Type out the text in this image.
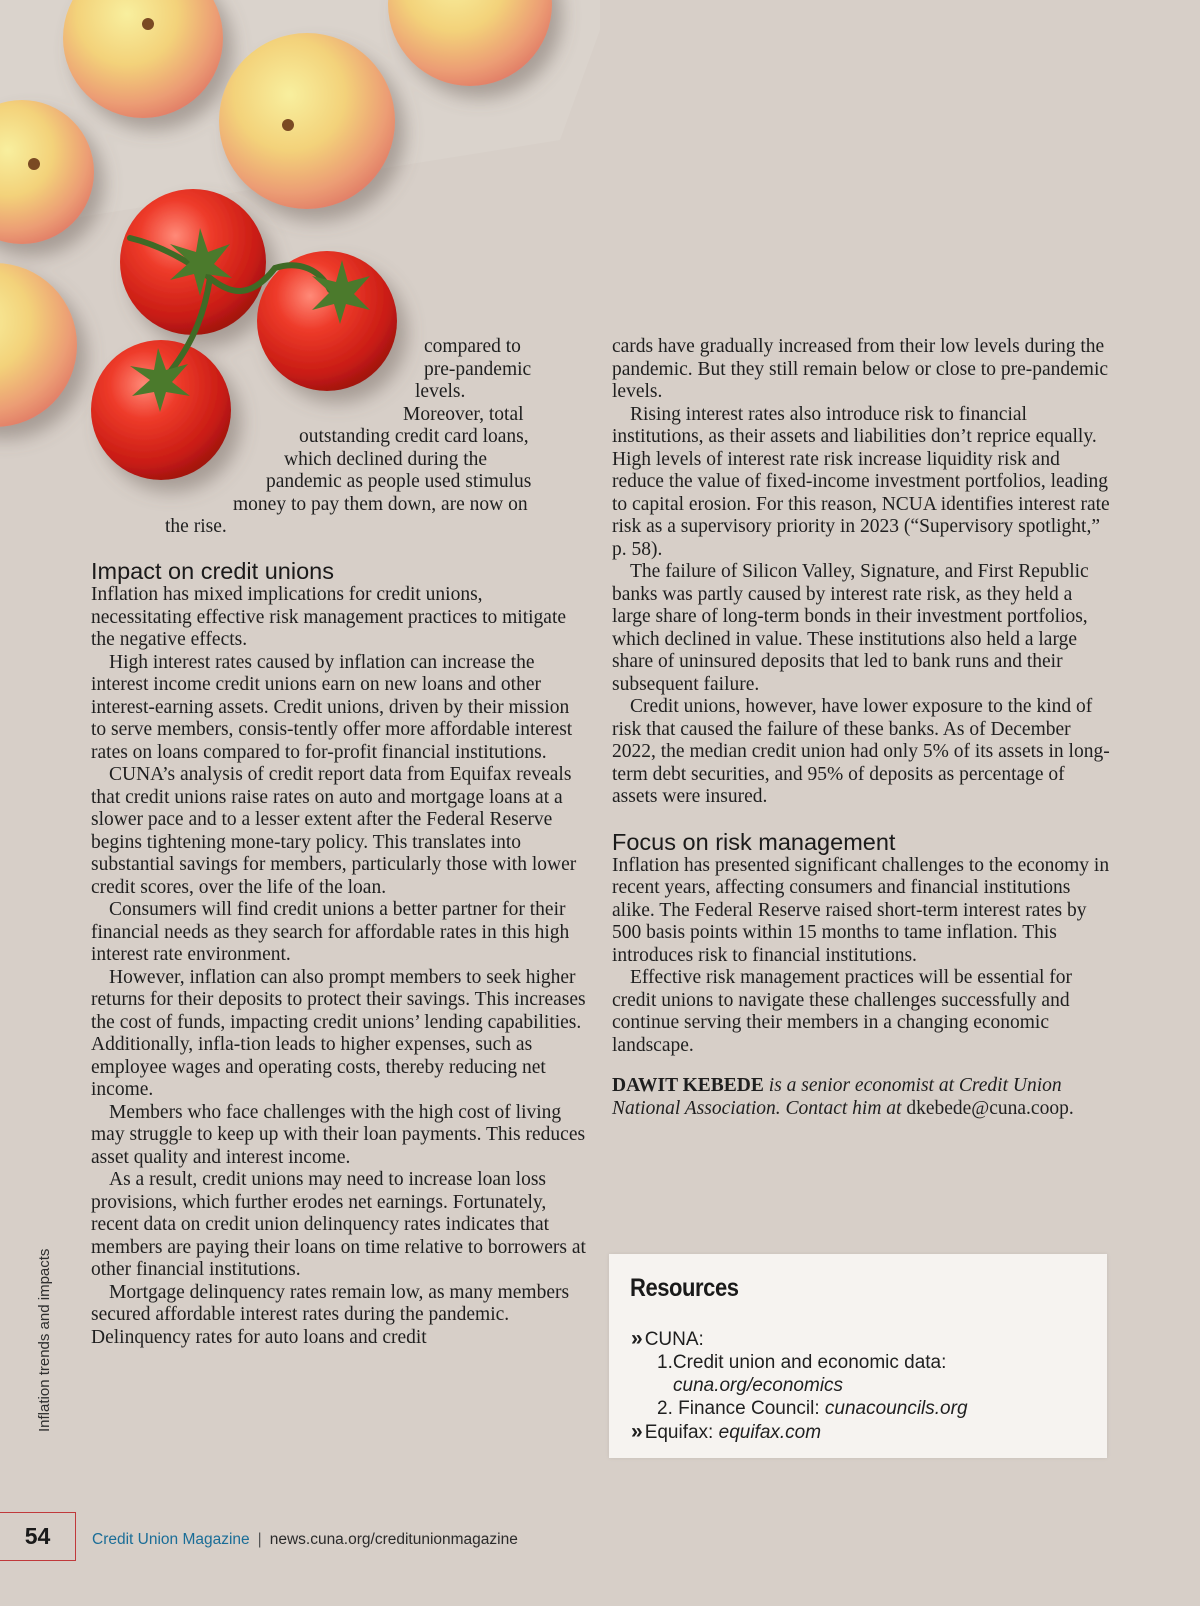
compared to
pre-pandemic
levels.
Moreover, total
outstanding credit card loans,
which declined during the
pandemic as people used stimulus
money to pay them down, are now on
the rise.
Impact on credit unions

Inflation has mixed implications for credit unions, necessitating effective risk management practices to mitigate the negative effects.

High interest rates caused by inflation can increase the interest income credit unions earn on new loans and other interest-earning assets. Credit unions, driven by their mission to serve members, consis-tently offer more affordable interest rates on loans compared to for-profit financial institutions.

CUNA’s analysis of credit report data from Equifax reveals that credit unions raise rates on auto and mortgage loans at a slower pace and to a lesser extent after the Federal Reserve begins tightening mone-tary policy. This translates into substantial savings for members, particularly those with lower credit scores, over the life of the loan.

Consumers will find credit unions a better partner for their financial needs as they search for affordable rates in this high interest rate environment.

However, inflation can also prompt members to seek higher returns for their deposits to protect their savings. This increases the cost of funds, impacting credit unions’ lending capabilities. Additionally, infla-tion leads to higher expenses, such as employee wages and operating costs, thereby reducing net income.

Members who face challenges with the high cost of living may struggle to keep up with their loan payments. This reduces asset quality and interest income.

As a result, credit unions may need to increase loan loss provisions, which further erodes net earnings. Fortunately, recent data on credit union delinquency rates indicates that members are paying their loans on time relative to borrowers at other financial institutions.

Mortgage delinquency rates remain low, as many members secured affordable interest rates during the pandemic. Delinquency rates for auto loans and credit

cards have gradually increased from their low levels during the pandemic. But they still remain below or close to pre-pandemic levels.

Rising interest rates also introduce risk to financial institutions, as their assets and liabilities don’t reprice equally. High levels of interest rate risk increase liquidity risk and reduce the value of fixed-income investment portfolios, leading to capital erosion. For this reason, NCUA identifies interest rate risk as a supervisory priority in 2023 (“Supervisory spotlight,” p. 58).

The failure of Silicon Valley, Signature, and First Republic banks was partly caused by interest rate risk, as they held a large share of long-term bonds in their investment portfolios, which declined in value. These institutions also held a large share of uninsured deposits that led to bank runs and their subsequent failure.

Credit unions, however, have lower exposure to the kind of risk that caused the failure of these banks. As of December 2022, the median credit union had only 5% of its assets in long-term debt securities, and 95% of deposits as percentage of assets were insured.

Focus on risk management

Inflation has presented significant challenges to the economy in recent years, affecting consumers and financial institutions alike. The Federal Reserve raised short-term interest rates by 500 basis points within 15 months to tame inflation. This introduces risk to financial institutions.

Effective risk management practices will be essential for credit unions to navigate these challenges successfully and continue serving their members in a changing economic landscape.

DAWIT KEBEDE is a senior economist at Credit Union National Association. Contact him at dkebede@cuna.coop.

Resources
» CUNA:
1.Credit union and economic data:
cuna.org/economics
2. Finance Council: cunacouncils.org
» Equifax: equifax.com
Inflation trends and impacts
54	Credit Union Magazine | news.cuna.org/creditunionmagazine
